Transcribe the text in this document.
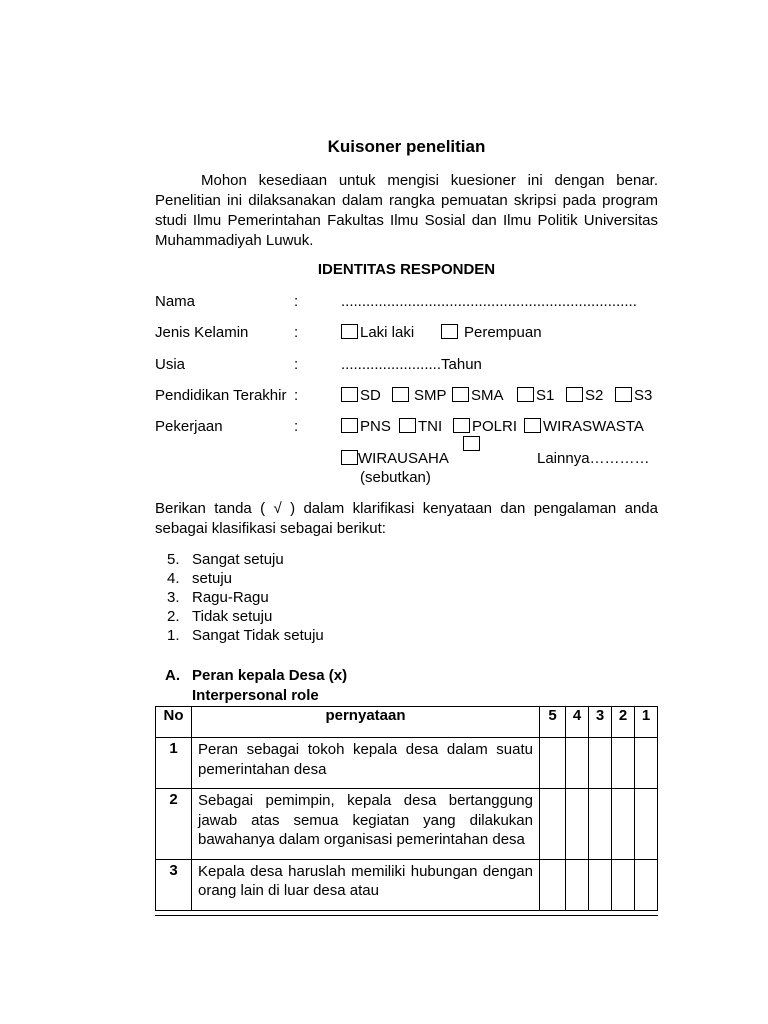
Kuisoner penelitian

Mohon kesediaan untuk mengisi kuesioner ini dengan benar. Penelitian ini dilaksanakan dalam rangka pemuatan skripsi pada program studi Ilmu Pemerintahan Fakultas Ilmu Sosial dan Ilmu Politik Universitas Muhammadiyah Luwuk.

IDENTITAS RESPONDEN
Nama	:	.......................................................................
Jenis Kelamin	:	Laki laki	Perempuan
Usia	:	........................Tahun
Pendidikan Terakhir :	SD	SMP	SMA	S1	S2	S3
Pekerjaan	:	PNS	TNI	POLRI	WIRASWASTA
WIRAUSAHA	Lainnya…………
(sebutkan)

Berikan tanda ( √ ) dalam klarifikasi kenyataan dan pengalaman anda sebagai klasifikasi sebagai berikut:

5. Sangat setuju
4. setuju
3. Ragu-Ragu
2. Tidak setuju
1. Sangat Tidak setuju
A. Peran kepala Desa (x)
Interpersonal role
No	pernyataan	5	4	3	2	1
1	Peran sebagai tokoh kepala desa dalam suatu pemerintahan desa					
2	Sebagai pemimpin, kepala desa bertanggung jawab atas semua kegiatan yang dilakukan bawahanya dalam organisasi pemerintahan desa					
3	Kepala desa haruslah memiliki hubungan dengan orang lain di luar desa atau					
